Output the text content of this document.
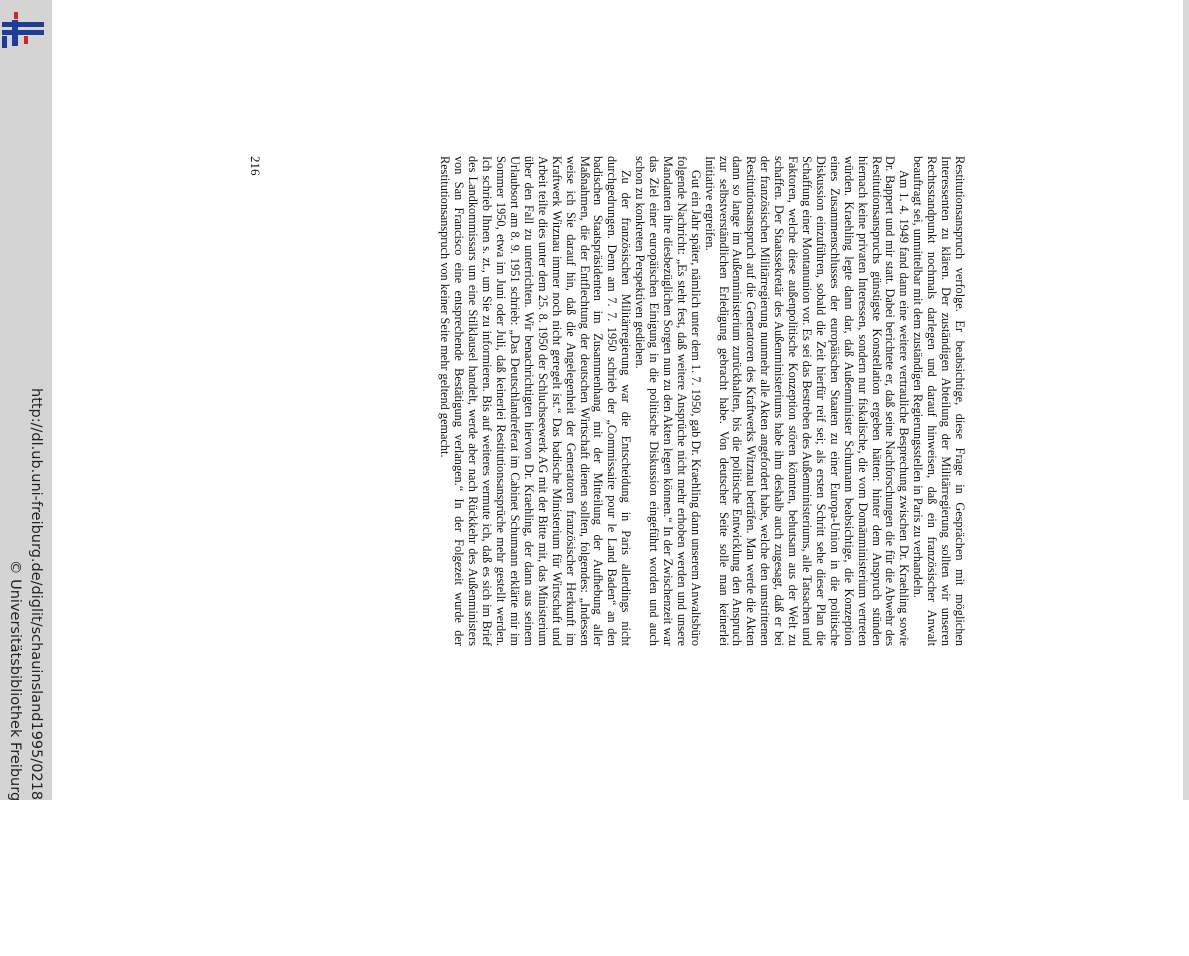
http://dl.ub.uni-freiburg.de/diglit/schauinsland1995/0218
© Universitätsbibliothek Freiburg

Restitutionsanspruch verfolge. Er beabsichtige, diese Frage in Gesprächen mit möglichen Interessenten zu klären. Der zuständigen Abteilung der Militärregierung sollten wir unseren Rechtsstandpunkt nochmals darlegen und darauf hinweisen, daß ein französischer Anwalt beauftragt sei, unmittelbar mit dem zuständigen Regierungsstellen in Paris zu verhandeln.

Am 1. 4. 1949 fand dann eine weitere vertrauliche Besprechung zwischen Dr. Kraehling sowie Dr. Bappert und mir statt. Dabei berichtete er, daß seine Nachforschungen die für die Abwehr des Restitutionsanspruchs günstigste Konstellation ergeben hätten: hinter dem Anspruch stünden hiernach keine privaten Interessen, sondern nur fiskalische, die vom Domänministerium vertreten würden. Kraehling legte dann dar, daß Außenminister Schumann beabsichtige, die Konzeption eines Zusammenschlusses der europäischen Staaten zu einer Europa-Union in die politische Diskussion einzuführen, sobald die Zeit hierfür reif sei; als ersten Schritt sehe dieser Plan die Schaffung einer Montanunion vor. Es sei das Bestreben des Außenministeriums, alle Tatsachen und Faktoren, welche diese außenpolitische Konzeption stören könnten, behutsam aus der Welt zu schaffen. Der Staatssekretär des Außenministeriums habe ihm deshalb auch zugesagt, daß er bei der französischen Militärregierung nunmehr alle Akten angefordert habe, welche den umstrittenen Restitutionsanspruch auf die Generatoren des Kraftwerks Witznau beträfen. Man werde die Akten dann so lange im Außenministerium zurückhalten, bis die politische Entwicklung den Anspruch zur selbstverständlichen Erledigung gebracht habe. Von deutscher Seite solle man keinerlei Initiative ergreifen.

Gut ein Jahr später, nämlich unter dem 1. 7. 1950, gab Dr. Kraehling dann unserem Anwaltsbüro folgende Nachricht: „Es steht fest, daß weitere Ansprüche nicht mehr erhoben werden und unsere Mandanten ihre diesbezüglichen Sorgen nun zu den Akten legen können.“ In der Zwischenzeit war das Ziel einer europäischen Einigung in die politische Diskussion eingeführt worden und auch schon zu konkreten Perspektiven gediehen.

Zu der französischen Militärregierung war die Entscheidung in Paris allerdings nicht durchgedrungen. Denn am 7. 7. 1950 schrieb der „Commissaire pour le Land Baden“ an den badischen Staatspräsidenten im Zusammenhang mit der Mitteilung der Aufhebung aller Maßnahmen, die der Entflechtung der deutschen Wirtschaft dienen sollten, folgendes: „Indessen weise ich Sie darauf hin, daß die Angelegenheit der Generatoren französischer Herkunft im Kraftwerk Witznau immer noch nicht geregelt ist.“ Das badische Ministerium für Wirtschaft und Arbeit teilte dies unter dem 25. 8. 1950 der Schluchseewerk AG mit der Bitte mit, das Ministerium über den Fall zu unterrichten. Wir benachrichtigten hiervon Dr. Kraehling, der dann aus seinem Urlaubsort am 8. 9. 1951 schrieb: „Das Deutschlandreferat im Cabinet Schumann erklärte mir im Sommer 1950, etwa im Juni oder Juli, daß keinerlei Restitutionsansprüche mehr gestellt werden. Ich schrieb Ihnen s. zt., um Sie zu informieren. Bis auf weiteres vermute ich, daß es sich im Brief des Landkommissars um eine Stilklausel handelt, werde aber nach Rückkehr des Außenministers von San Francisco eine entsprechende Bestätigung verlangen.“ In der Folgezeit wurde der Restitutionsanspruch von keiner Seite mehr geltend gemacht.

216
